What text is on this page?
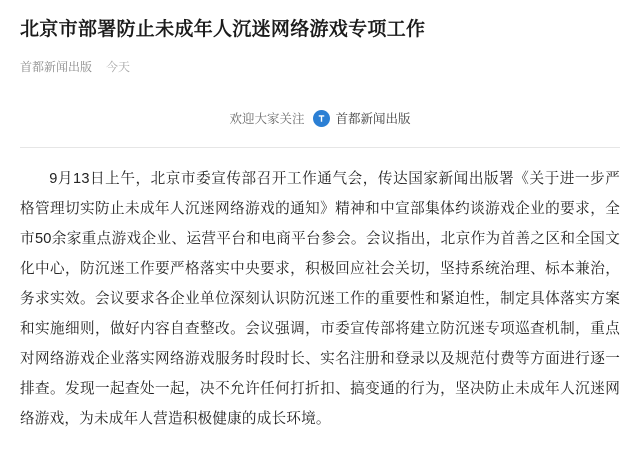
北京市部署防止未成年人沉迷网络游戏专项工作
首都新闻出版 今天
欢迎大家关注 首都新闻出版

9月13日上午，北京市委宣传部召开工作通气会，传达国家新闻出版署《关于进一步严格管理切实防止未成年人沉迷网络游戏的通知》精神和中宣部集体约谈游戏企业的要求，全市50余家重点游戏企业、运营平台和电商平台参会。会议指出，北京作为首善之区和全国文化中心，防沉迷工作要严格落实中央要求，积极回应社会关切，坚持系统治理、标本兼治，务求实效。会议要求各企业单位深刻认识防沉迷工作的重要性和紧迫性，制定具体落实方案和实施细则，做好内容自查整改。会议强调，市委宣传部将建立防沉迷专项巡查机制，重点对网络游戏企业落实网络游戏服务时段时长、实名注册和登录以及规范付费等方面进行逐一排查。发现一起查处一起，决不允许任何打折扣、搞变通的行为，坚决防止未成年人沉迷网络游戏，为未成年人营造积极健康的成长环境。
